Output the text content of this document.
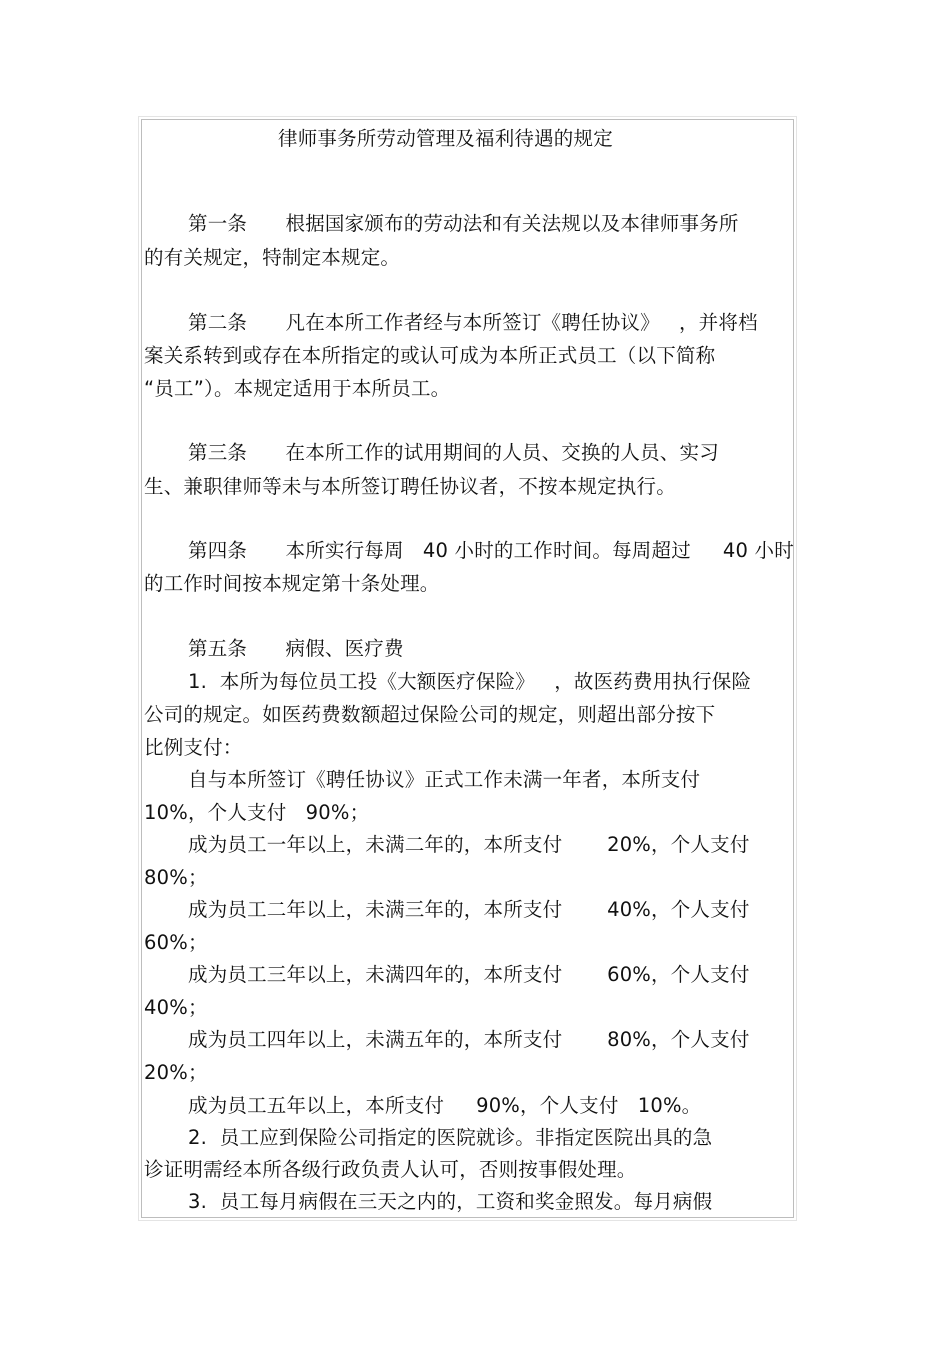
律师事务所劳动管理及福利待遇的规定
第一条      根据国家颁布的劳动法和有关法规以及本律师事务所
的有关规定，特制定本规定。
第二条      凡在本所工作者经与本所签订《聘任协议》   ，并将档
案关系转到或存在本所指定的或认可成为本所正式员工（以下简称
“员工”）。本规定适用于本所员工。
第三条      在本所工作的试用期间的人员、交换的人员、实习
生、兼职律师等未与本所签订聘任协议者，不按本规定执行。
第四条      本所实行每周   40 小时的工作时间。每周超过     40 小时
的工作时间按本规定第十条处理。
第五条      病假、医疗费
1.  本所为每位员工投《大额医疗保险》   ，故医药费用执行保险
公司的规定。如医药费数额超过保险公司的规定，则超出部分按下
比例支付：
自与本所签订《聘任协议》正式工作未满一年者，本所支付
10%，个人支付   90%；
成为员工一年以上，未满二年的，本所支付       20%，个人支付
80%；
成为员工二年以上，未满三年的，本所支付       40%，个人支付
60%；
成为员工三年以上，未满四年的，本所支付       60%，个人支付
40%；
成为员工四年以上，未满五年的，本所支付       80%，个人支付
20%；
成为员工五年以上，本所支付     90%，个人支付   10%。
2.  员工应到保险公司指定的医院就诊。非指定医院出具的急
诊证明需经本所各级行政负责人认可，否则按事假处理。
3.  员工每月病假在三天之内的，工资和奖金照发。每月病假
